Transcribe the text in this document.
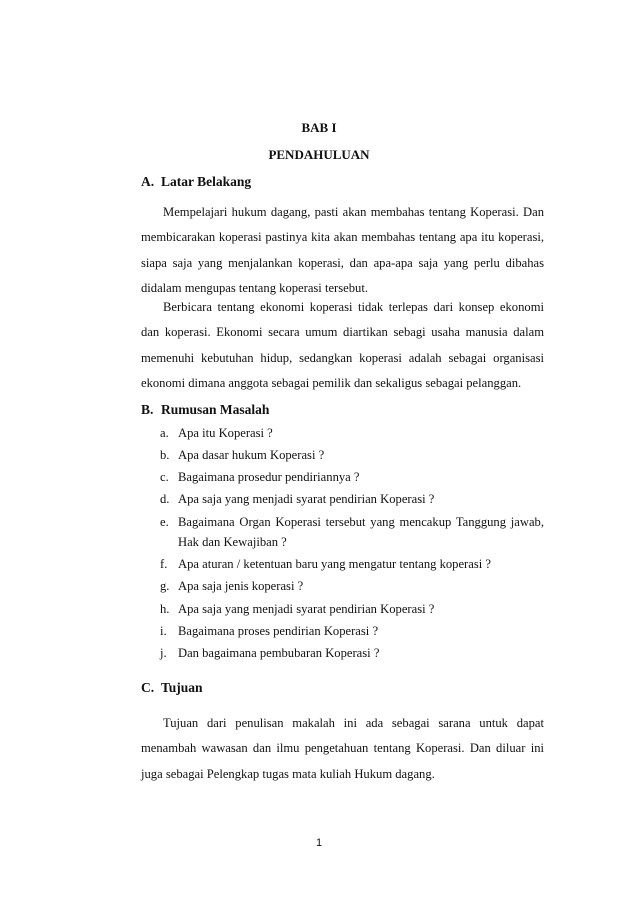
BAB I
PENDAHULUAN
A. Latar Belakang

Mempelajari hukum dagang, pasti akan membahas tentang Koperasi. Dan membicarakan koperasi pastinya kita akan membahas tentang apa itu koperasi, siapa saja yang menjalankan koperasi, dan apa-apa saja yang perlu dibahas didalam mengupas tentang koperasi tersebut.

Berbicara tentang ekonomi koperasi tidak terlepas dari konsep ekonomi dan koperasi. Ekonomi secara umum diartikan sebagi usaha manusia dalam memenuhi kebutuhan hidup, sedangkan koperasi adalah sebagai organisasi ekonomi dimana anggota sebagai pemilik dan sekaligus sebagai pelanggan.

B. Rumusan Masalah
a. Apa itu Koperasi ?
b. Apa dasar hukum Koperasi ?
c. Bagaimana prosedur pendiriannya ?
d. Apa saja yang menjadi syarat pendirian Koperasi ?
e. Bagaimana Organ Koperasi tersebut yang mencakup Tanggung jawab, Hak dan Kewajiban ?
f. Apa aturan / ketentuan baru yang mengatur tentang koperasi ?
g. Apa saja jenis koperasi ?
h. Apa saja yang menjadi syarat pendirian Koperasi ?
i. Bagaimana proses pendirian Koperasi ?
j. Dan bagaimana pembubaran Koperasi ?
C. Tujuan

Tujuan dari penulisan makalah ini ada sebagai sarana untuk dapat menambah wawasan dan ilmu pengetahuan tentang Koperasi. Dan diluar ini juga sebagai Pelengkap tugas mata kuliah Hukum dagang.

1
